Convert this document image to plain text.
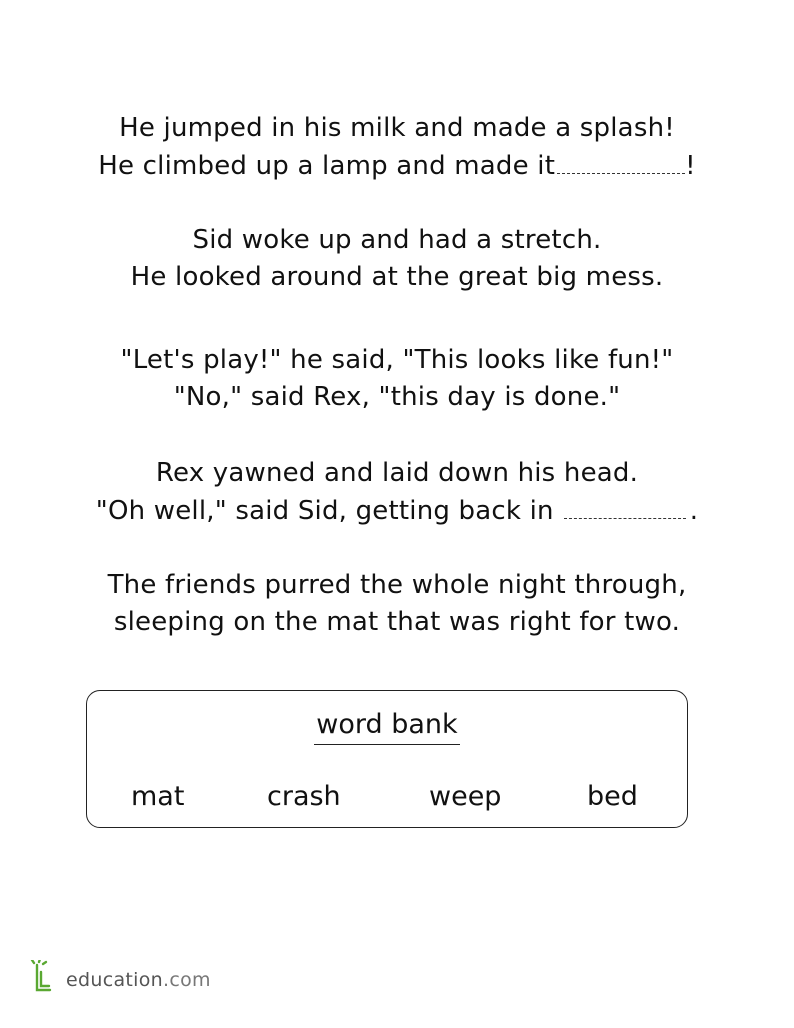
He jumped in his milk and made a splash!
He climbed up a lamp and made it	!
Sid woke up and had a stretch.
He looked around at the great big mess.
"Let's play!" he said, "This looks like fun!"
"No," said Rex, "this day is done."
Rex yawned and laid down his head.
"Oh well," said Sid, getting back in	.
The friends purred the whole night through,
sleeping on the mat that was right for two.
word bank
mat	crash	weep	bed
education.com
